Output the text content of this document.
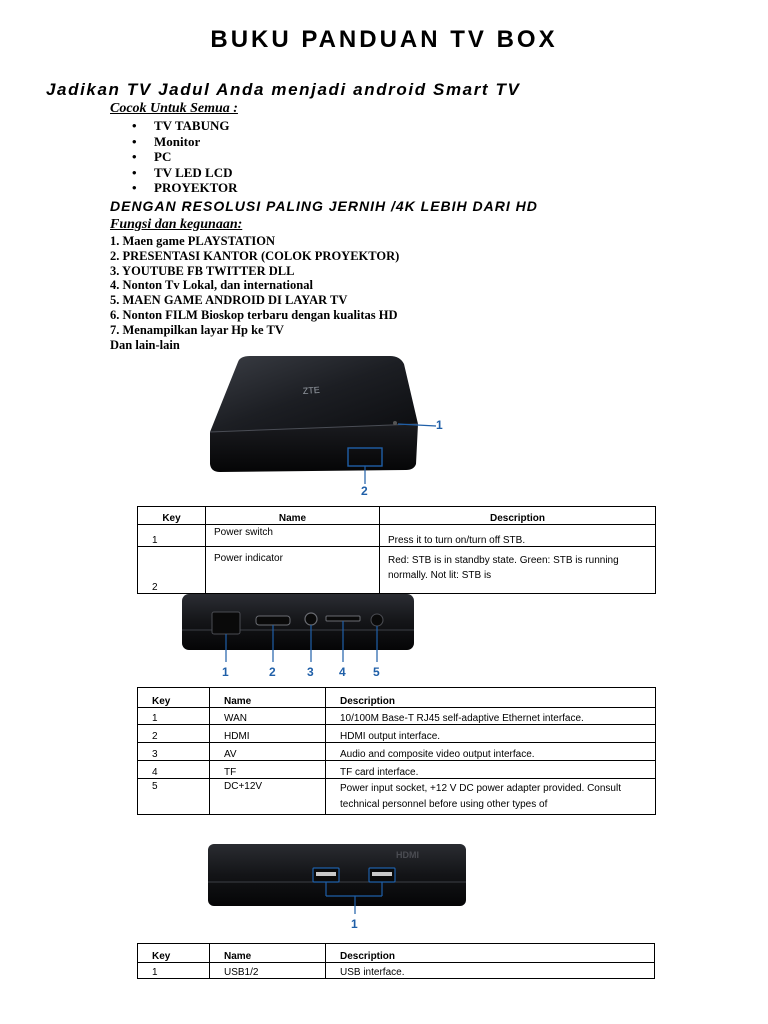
BUKU PANDUAN TV BOX
Jadikan TV Jadul Anda menjadi android Smart TV
Cocok Untuk Semua :
• TV TABUNG
• Monitor
• PC
• TV LED LCD
• PROYEKTOR
DENGAN RESOLUSI PALING JERNIH /4K LEBIH DARI HD
Fungsi dan kegunaan:
1. Maen game PLAYSTATION
2. PRESENTASI KANTOR (COLOK PROYEKTOR)
3. YOUTUBE FB TWITTER DLL
4. Nonton Tv Lokal, dan international
5. MAEN GAME ANDROID DI LAYAR TV
6. Nonton FILM Bioskop terbaru dengan kualitas HD
7. Menampilkan layar Hp ke TV
Dan lain-lain
ZTE
1
2
Key	Name	Description
1	Power switch	Press it to turn on/turn off STB.
2	Power indicator	Red: STB is in standby state. Green: STB is running normally. Not lit: STB is
1	2	3 4 5
Key	Name	Description
1	WAN	10/100M Base-T RJ45 self-adaptive Ethernet interface.
2	HDMI	HDMI output interface.
3	AV	Audio and composite video output interface.
4	TF	TF card interface.
5	DC+12V	Power input socket, +12 V DC power adapter provided. Consult technical personnel before using other types of
HDMI
1
Key	Name	Description
1	USB1/2	USB interface.
